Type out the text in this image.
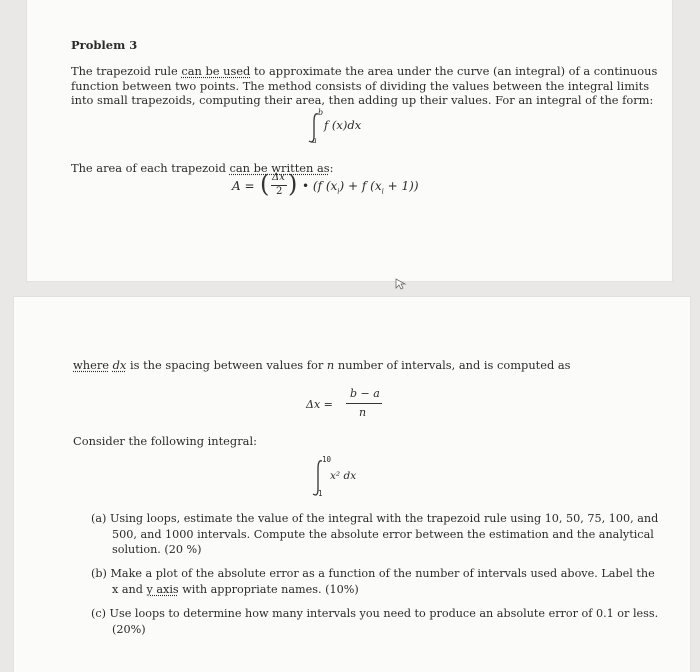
Problem 3
The trapezoid rule can be used to approximate the area under the curve (an integral) of a continuous
function between two points. The method consists of dividing the values between the integral limits
into small trapezoids, computing their area, then adding up their values. For an integral of the form:
b
a
f (x)dx
The area of each trapezoid can be written as:
A = ( Δx
2 ) • (f $(x_i) + f$ $(x_i + 1)$)
where dx is the spacing between values for n number of intervals, and is computed as
Δx =
b − a
n
Consider the following integral:
10
1
x² dx
(a) Using loops, estimate the value of the integral with the trapezoid rule using 10, 50, 75, 100, and
500, and 1000 intervals. Compute the absolute error between the estimation and the analytical
solution. (20 %)
(b) Make a plot of the absolute error as a function of the number of intervals used above. Label the
x and y axis with appropriate names. (10%)
(c) Use loops to determine how many intervals you need to produce an absolute error of 0.1 or less.
(20%)
